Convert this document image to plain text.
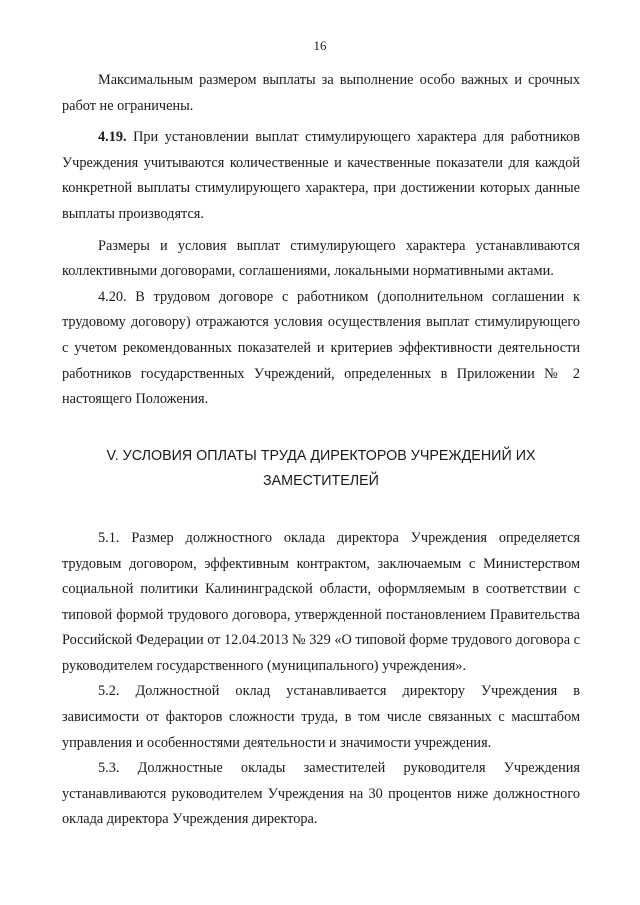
16

Максимальным размером выплаты за выполнение особо важных и срочных работ не ограничены.

4.19. При установлении выплат стимулирующего характера для работников Учреждения учитываются количественные и качественные показатели для каждой конкретной выплаты стимулирующего характера, при достижении которых данные выплаты производятся.

Размеры и условия выплат стимулирующего характера устанавливаются коллективными договорами, соглашениями, локальными нормативными актами.

4.20. В трудовом договоре с работником (дополнительном соглашении к трудовому договору) отражаются условия осуществления выплат стимулирующего с учетом рекомендованных показателей и критериев эффективности деятельности работников государственных Учреждений, определенных в Приложении № 2 настоящего Положения.

V. УСЛОВИЯ ОПЛАТЫ ТРУДА ДИРЕКТОРОВ УЧРЕЖДЕНИЙ ИХ

ЗАМЕСТИТЕЛЕЙ

5.1. Размер должностного оклада директора Учреждения определяется трудовым договором, эффективным контрактом, заключаемым с Министерством социальной политики Калининградской области, оформляемым в соответствии с типовой формой трудового договора, утвержденной постановлением Правительства Российской Федерации от 12.04.2013 № 329 «О типовой форме трудового договора с руководителем государственного (муниципального) учреждения».

5.2. Должностной оклад устанавливается директору Учреждения в зависимости от факторов сложности труда, в том числе связанных с масштабом управления и особенностями деятельности и значимости учреждения.

5.3. Должностные оклады заместителей руководителя Учреждения устанавливаются руководителем Учреждения на 30 процентов ниже должностного оклада директора Учреждения директора.
